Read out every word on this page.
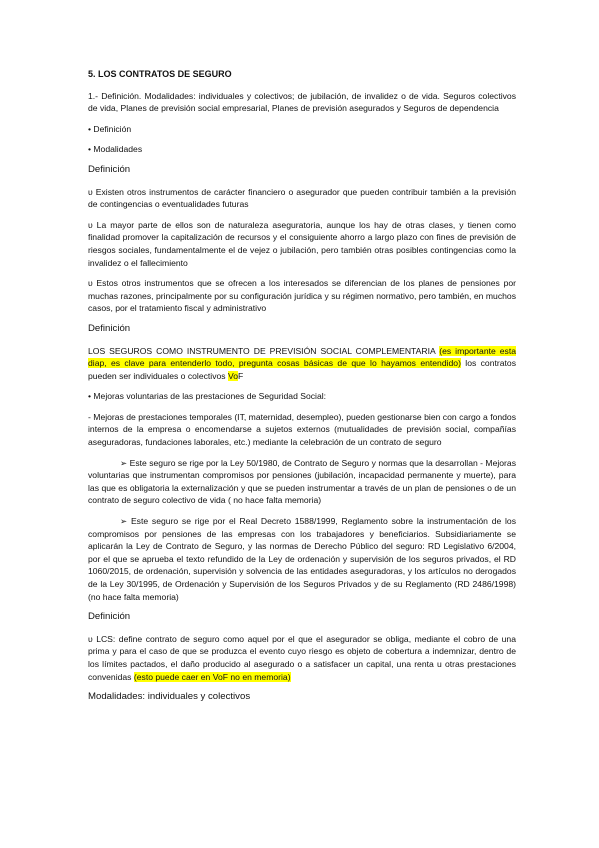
5. LOS CONTRATOS DE SEGURO

1.- Definición. Modalidades: individuales y colectivos; de jubilación, de invalidez o de vida. Seguros colectivos de vida, Planes de previsión social empresarial, Planes de previsión asegurados y Seguros de dependencia

• Definición

• Modalidades

Definición

υ Existen otros instrumentos de carácter financiero o asegurador que pueden contribuir también a la previsión de contingencias o eventualidades futuras

υ La mayor parte de ellos son de naturaleza aseguratoria, aunque los hay de otras clases, y tienen como finalidad promover la capitalización de recursos y el consiguiente ahorro a largo plazo con fines de previsión de riesgos sociales, fundamentalmente el de vejez o jubilación, pero también otras posibles contingencias como la invalidez o el fallecimiento

υ Estos otros instrumentos que se ofrecen a los interesados se diferencian de los planes de pensiones por muchas razones, principalmente por su configuración jurídica y su régimen normativo, pero también, en muchos casos, por el tratamiento fiscal y administrativo

Definición

LOS SEGUROS COMO INSTRUMENTO DE PREVISIÓN SOCIAL COMPLEMENTARIA (es importante esta diap, es clave para entenderlo todo, pregunta cosas básicas de que lo hayamos entendido) los contratos pueden ser individuales o colectivos VoF

• Mejoras voluntarias de las prestaciones de Seguridad Social:

- Mejoras de prestaciones temporales (IT, maternidad, desempleo), pueden gestionarse bien con cargo a fondos internos de la empresa o encomendarse a sujetos externos (mutualidades de previsión social, compañías aseguradoras, fundaciones laborales, etc.) mediante la celebración de un contrato de seguro

➢ Este seguro se rige por la Ley 50/1980, de Contrato de Seguro y normas que la desarrollan - Mejoras voluntarias que instrumentan compromisos por pensiones (jubilación, incapacidad permanente y muerte), para las que es obligatoria la externalización y que se pueden instrumentar a través de un plan de pensiones o de un contrato de seguro colectivo de vida ( no hace falta memoria)

➢ Este seguro se rige por el Real Decreto 1588/1999, Reglamento sobre la instrumentación de los compromisos por pensiones de las empresas con los trabajadores y beneficiarios. Subsidiariamente se aplicarán la Ley de Contrato de Seguro, y las normas de Derecho Público del seguro: RD Legislativo 6/2004, por el que se aprueba el texto refundido de la Ley de ordenación y supervisión de los seguros privados, el RD 1060/2015, de ordenación, supervisión y solvencia de las entidades aseguradoras, y los artículos no derogados de la Ley 30/1995, de Ordenación y Supervisión de los Seguros Privados y de su Reglamento (RD 2486/1998) (no hace falta memoria)

Definición

υ LCS: define contrato de seguro como aquel por el que el asegurador se obliga, mediante el cobro de una prima y para el caso de que se produzca el evento cuyo riesgo es objeto de cobertura a indemnizar, dentro de los límites pactados, el daño producido al asegurado o a satisfacer un capital, una renta u otras prestaciones convenidas (esto puede caer en VoF no en memoria)

Modalidades: individuales y colectivos
